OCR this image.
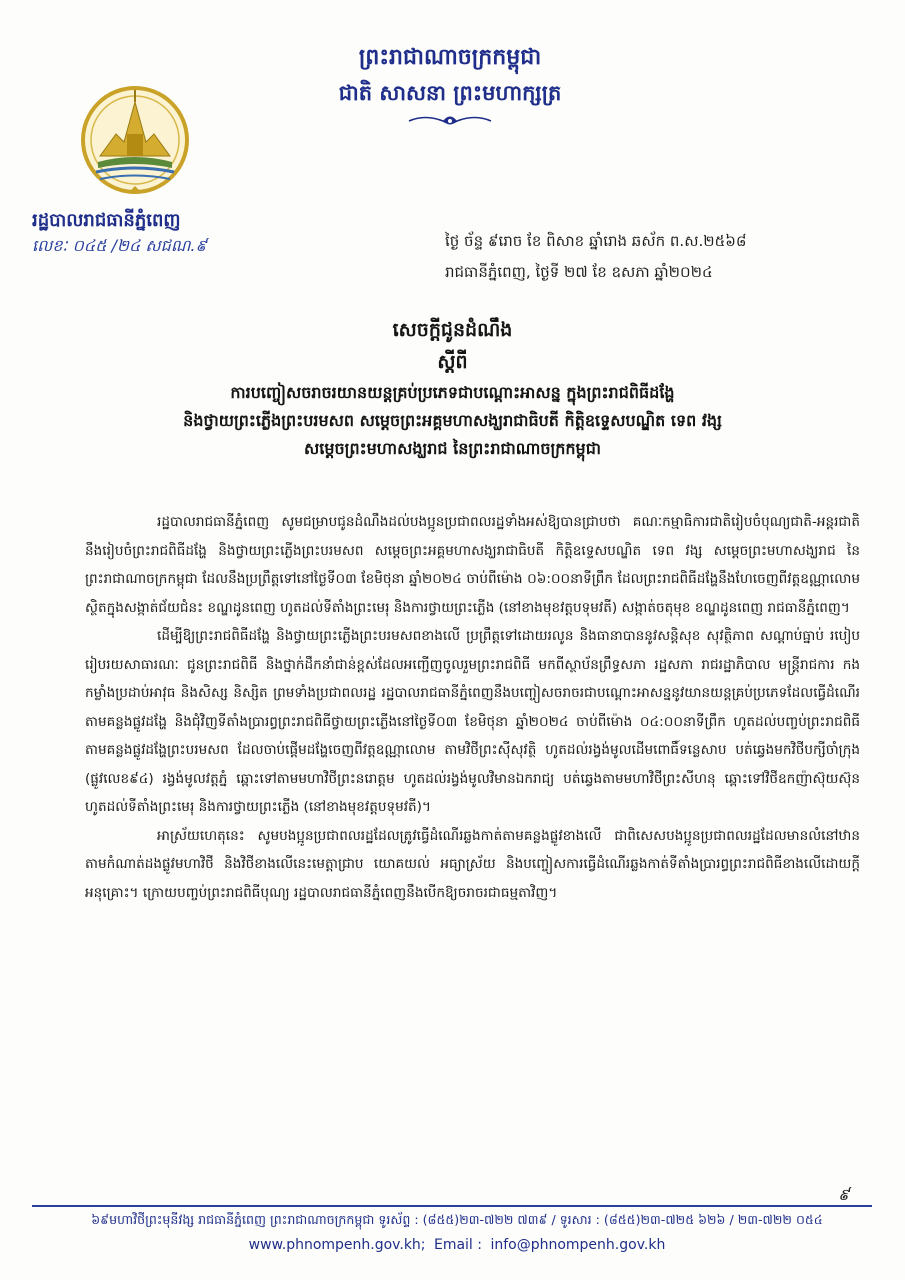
ព្រះរាជាណាចក្រកម្ពុជា
ជាតិ សាសនា ព្រះមហាក្សត្រ
រដ្ឋបាលរាជធានីភ្នំពេញ
លេខៈ ០៤៥ /២៤ សជណ.៩	ថ្ងៃ ច័ន្ទ ៩រោច ខែ ពិសាខ ឆ្នាំរោង ឆស័ក ព.ស.២៥៦៨
រាជធានីភ្នំពេញ, ថ្ងៃទី ២៧ ខែ ឧសភា ឆ្នាំ២០២៤
សេចក្តីជូនដំណឹង
ស្តីពី
ការបញ្ចៀសចរាចរយានយន្តគ្រប់ប្រភេទជាបណ្តោះអាសន្ន ក្នុងព្រះរាជពិធីដង្ហែ
និងថ្វាយព្រះភ្លើងព្រះបរមសព សម្តេចព្រះអគ្គមហាសង្ឃរាជាធិបតី កិត្តិឧទ្ទេសបណ្ឌិត ទេព វង្ស
សម្តេចព្រះមហាសង្ឃរាជ នៃព្រះរាជាណាចក្រកម្ពុជា

រដ្ឋបាលរាជធានីភ្នំពេញ សូមជម្រាបជូនដំណឹងដល់បងប្អូនប្រជាពលរដ្ឋទាំងអស់ឱ្យបានជ្រាបថា គណៈកម្មាធិការជាតិរៀបចំបុណ្យជាតិ-អន្តរជាតិ នឹងរៀបចំព្រះរាជពិធីដង្ហែ និងថ្វាយព្រះភ្លើងព្រះបរមសព សម្តេចព្រះអគ្គមហាសង្ឃរាជាធិបតី កិត្តិឧទ្ទេសបណ្ឌិត ទេព វង្ស សម្តេចព្រះមហាសង្ឃរាជ នៃព្រះរាជាណាចក្រកម្ពុជា ដែលនឹងប្រព្រឹត្តទៅនៅថ្ងៃទី០៣ ខែមិថុនា ឆ្នាំ២០២៤ ចាប់ពីម៉ោង ០៦:០០នាទីព្រឹក ដែលព្រះរាជពិធីដង្ហែនឹងហែចេញពីវត្តឧណ្ណាលោម ស្ថិតក្នុងសង្កាត់ជ័យជំនះ ខណ្ឌដូនពេញ ហូតដល់ទីតាំងព្រះមេរុ និងការថ្វាយព្រះភ្លើង (នៅខាងមុខវត្តបទុមវតី) សង្កាត់ចតុមុខ ខណ្ឌដូនពេញ រាជធានីភ្នំពេញ។

ដើម្បីឱ្យព្រះរាជពិធីដង្ហែ និងថ្វាយព្រះភ្លើងព្រះបរមសពខាងលើ ប្រព្រឹត្តទៅដោយរលូន និងធានាបាននូវសន្តិសុខ សុវត្ថិភាព សណ្តាប់ធ្នាប់ របៀបរៀបរយសាធារណៈ ជូនព្រះរាជពិធី និងថ្នាក់ដឹកនាំជាន់ខ្ពស់ដែលអញ្ជើញចូលរួមព្រះរាជពិធី មកពីស្ថាប័នព្រឹទ្ធសភា រដ្ឋសភា រាជរដ្ឋាភិបាល មន្ត្រីរាជការ កងកម្លាំងប្រដាប់អាវុធ និងសិស្ស និស្សិត ព្រមទាំងប្រជាពលរដ្ឋ រដ្ឋបាលរាជធានីភ្នំពេញនឹងបញ្ចៀសចរាចរជាបណ្តោះអាសន្ននូវយានយន្តគ្រប់ប្រភេទដែលធ្វើដំណើរតាមគន្លងផ្លូវដង្ហែ និងជុំវិញទីតាំងប្រារព្ធព្រះរាជពិធីថ្វាយព្រះភ្លើងនៅថ្ងៃទី០៣ ខែមិថុនា ឆ្នាំ២០២៤ ចាប់ពីម៉ោង ០៤:០០នាទីព្រឹក ហូតដល់បញ្ចប់ព្រះរាជពិធីតាមគន្លងផ្លូវដង្ហែព្រះបរមសព ដែលចាប់ផ្តើមដង្ហែចេញពីវត្តឧណ្ណាលោម តាមវិថីព្រះស៊ីសុវត្ថិ ហូតដល់រង្វង់មូលដើមពោធិ៍ទន្លេសាប បត់ឆ្វេងមកវិថីបក្សីចាំក្រុង (ផ្លូវលេខ៩៤) រង្វង់មូលវត្តភ្នំ ឆ្ពោះទៅតាមមហាវិថីព្រះនរោត្តម ហូតដល់រង្វង់មូលវិមានឯករាជ្យ បត់ឆ្វេងតាមមហាវិថីព្រះសីហនុ ឆ្ពោះទៅវិថីឧកញ៉ាស៊ុយស៊ុន ហូតដល់ទីតាំងព្រះមេរុ និងការថ្វាយព្រះភ្លើង (នៅខាងមុខវត្តបទុមវតី)។

អាស្រ័យហេតុនេះ សូមបងប្អូនប្រជាពលរដ្ឋដែលត្រូវធ្វើដំណើរឆ្លងកាត់តាមគន្លងផ្លូវខាងលើ ជាពិសេសបងប្អូនប្រជាពលរដ្ឋដែលមានលំនៅឋានតាមកំណាត់ដងផ្លូវមហាវិថី និងវិថីខាងលើនេះមេត្តាជ្រាប យោគយល់ អធ្យាស្រ័យ និងបញ្ចៀសការធ្វើដំណើរឆ្លងកាត់ទីតាំងប្រារព្ធព្រះរាជពិធីខាងលើដោយក្តីអនុគ្រោះ។ ក្រោយបញ្ចប់ព្រះរាជពិធីបុណ្យ រដ្ឋបាលរាជធានីភ្នំពេញនឹងបើកឱ្យចរាចរជាធម្មតាវិញ។

៩
៦៩មហាវិថីព្រះមុនីវង្ស រាជធានីភ្នំពេញ ព្រះរាជាណាចក្រកម្ពុជា ទូរស័ព្ទ : (៨៥៥)២៣-៧២២ ៧៣៩ / ទូរសារ : (៨៥៥)២៣-៧២៥ ៦២៦ / ២៣-៧២២ ០៥៤
www.phnompenh.gov.kh; Email : info@phnompenh.gov.kh
